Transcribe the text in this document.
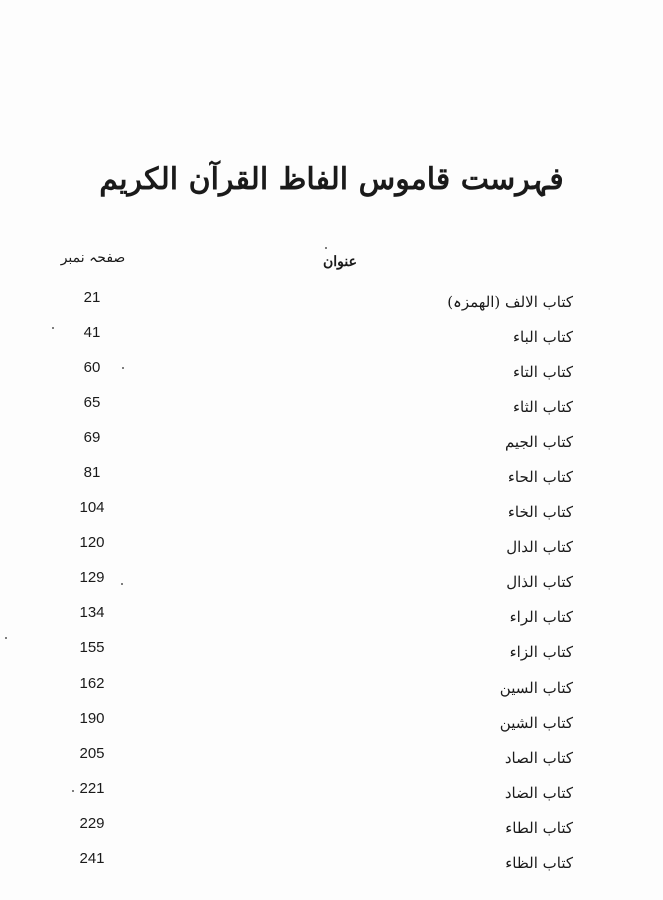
فہرست قاموس الفاظ القرآن الکریم
صفحہ نمبر	عنوان
21	کتاب الالف (الھمزہ)
41	کتاب الباء
60	کتاب التاء
65	کتاب الثاء
69	کتاب الجیم
81	کتاب الحاء
104	کتاب الخاء
120	کتاب الدال
129	کتاب الذال
134	کتاب الراء
155	کتاب الزاء
162	کتاب السین
190	کتاب الشین
205	کتاب الصاد
221	کتاب الضاد
229	کتاب الطاء
241	کتاب الظاء
